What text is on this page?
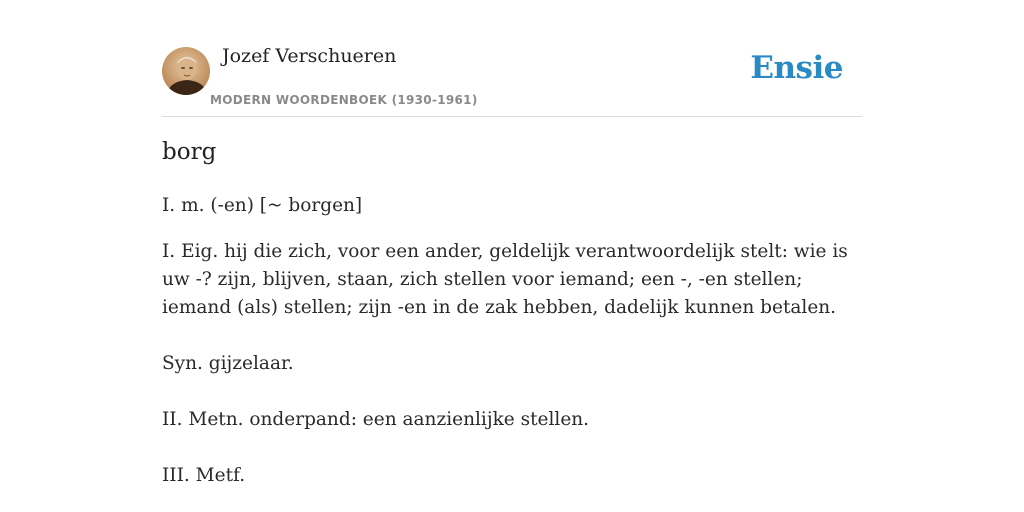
Jozef Verschueren
MODERN WOORDENBOEK (1930-1961)
Ensie
borg

I. m. (-en) [~ borgen]

I. Eig. hij die zich, voor een ander, geldelijk verantwoordelijk stelt: wie is uw -? zijn, blijven, staan, zich stellen voor iemand; een -, -en stellen; iemand (als) stellen; zijn -en in de zak hebben, dadelijk kunnen betalen.

Syn. gijzelaar.

II. Metn. onderpand: een aanzienlijke stellen.

III. Metf.
